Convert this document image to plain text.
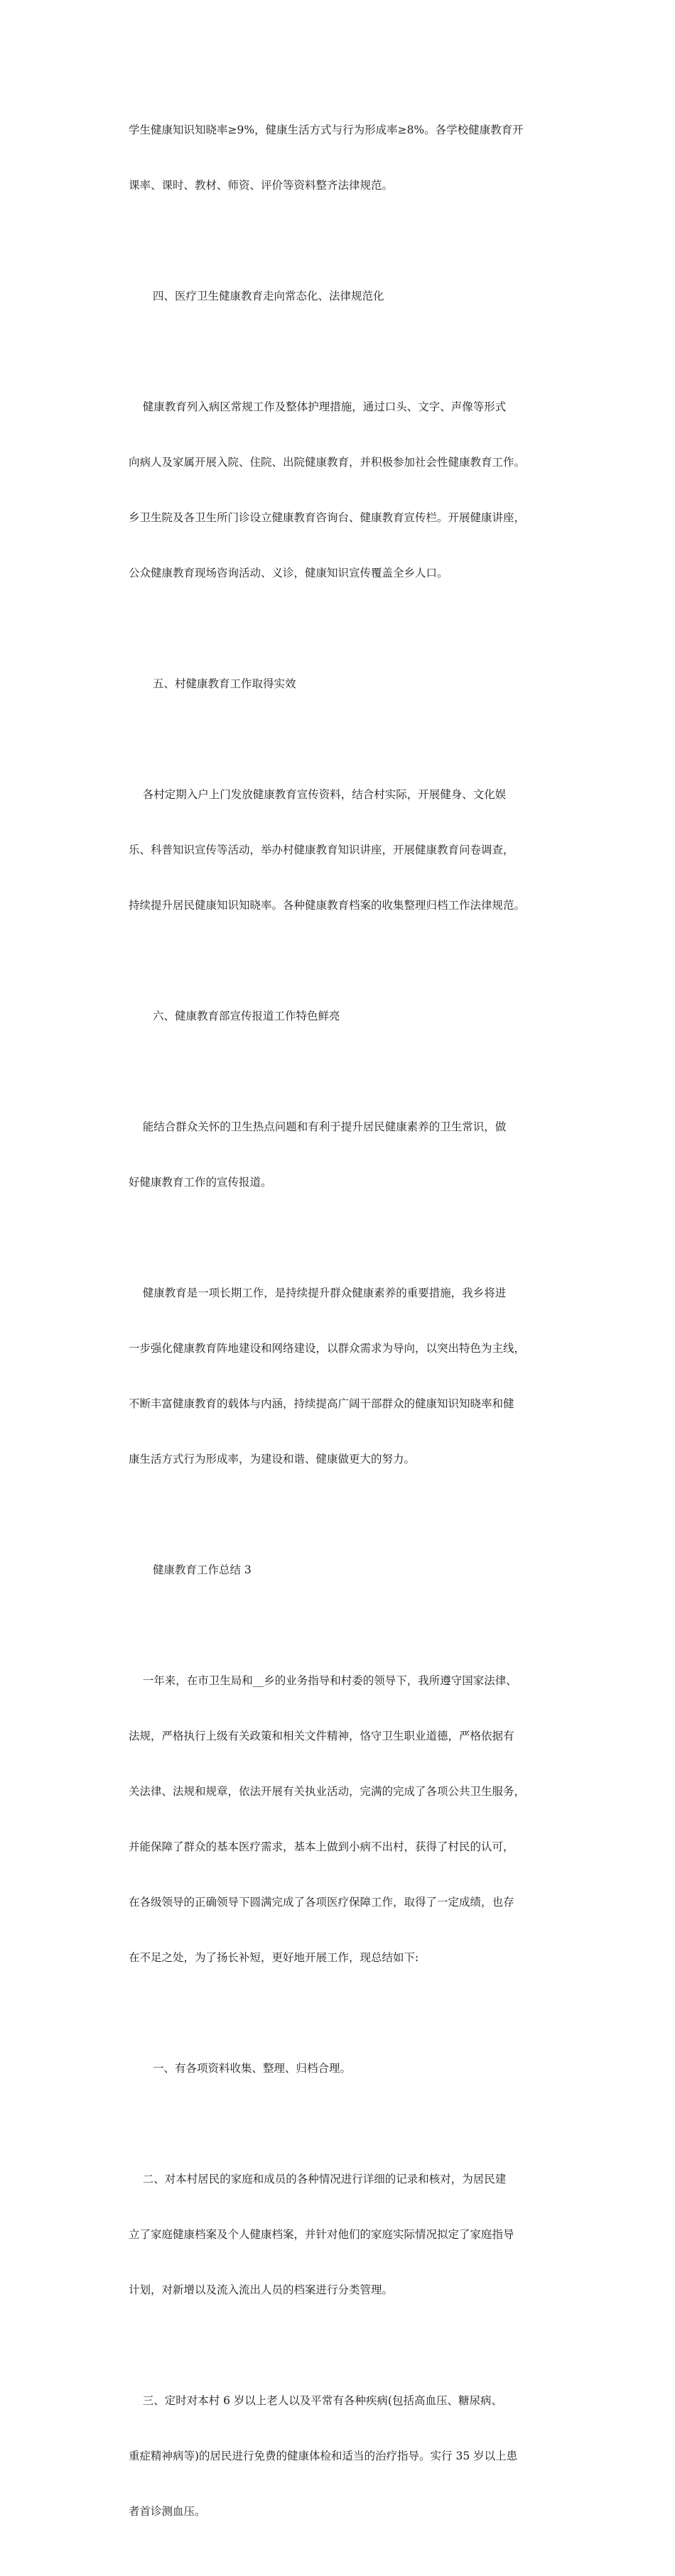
学生健康知识知晓率≥9%，健康生活方式与行为形成率≥8%。各学校健康教育开

课率、课时、教材、师资、评价等资料整齐法律规范。

四、医疗卫生健康教育走向常态化、法律规范化

健康教育列入病区常规工作及整体护理措施，通过口头、文字、声像等形式

向病人及家属开展入院、住院、出院健康教育，并积极参加社会性健康教育工作。

乡卫生院及各卫生所门诊设立健康教育咨询台、健康教育宣传栏。开展健康讲座，

公众健康教育现场咨询活动、义诊，健康知识宣传覆盖全乡人口。

五、村健康教育工作取得实效

各村定期入户上门发放健康教育宣传资料，结合村实际，开展健身、文化娱

乐、科普知识宣传等活动，举办村健康教育知识讲座，开展健康教育问卷调查，

持续提升居民健康知识知晓率。各种健康教育档案的收集整理归档工作法律规范。

六、健康教育部宣传报道工作特色鲜亮

能结合群众关怀的卫生热点问题和有利于提升居民健康素养的卫生常识，做

好健康教育工作的宣传报道。

健康教育是一项长期工作，是持续提升群众健康素养的重要措施，我乡将进

一步强化健康教育阵地建设和网络建设，以群众需求为导向，以突出特色为主线，

不断丰富健康教育的载体与内涵，持续提高广阔干部群众的健康知识知晓率和健

康生活方式行为形成率，为建设和谐、健康做更大的努力。

健康教育工作总结 3

一年来，在市卫生局和__乡的业务指导和村委的领导下，我所遵守国家法律、

法规，严格执行上级有关政策和相关文件精神，恪守卫生职业道德，严格依据有

关法律、法规和规章，依法开展有关执业活动，完满的完成了各项公共卫生服务，

并能保障了群众的基本医疗需求，基本上做到小病不出村，获得了村民的认可，

在各级领导的正确领导下圆满完成了各项医疗保障工作，取得了一定成绩，也存

在不足之处，为了扬长补短，更好地开展工作，现总结如下:

一、有各项资料收集、整理、归档合理。

二、对本村居民的家庭和成员的各种情况进行详细的记录和核对，为居民建

立了家庭健康档案及个人健康档案，并针对他们的家庭实际情况拟定了家庭指导

计划，对新增以及流入流出人员的档案进行分类管理。

三、定时对本村 6 岁以上老人以及平常有各种疾病(包括高血压、糖尿病、

重症精神病等)的居民进行免费的健康体检和适当的治疗指导。实行 35 岁以上患

者首诊测血压。
